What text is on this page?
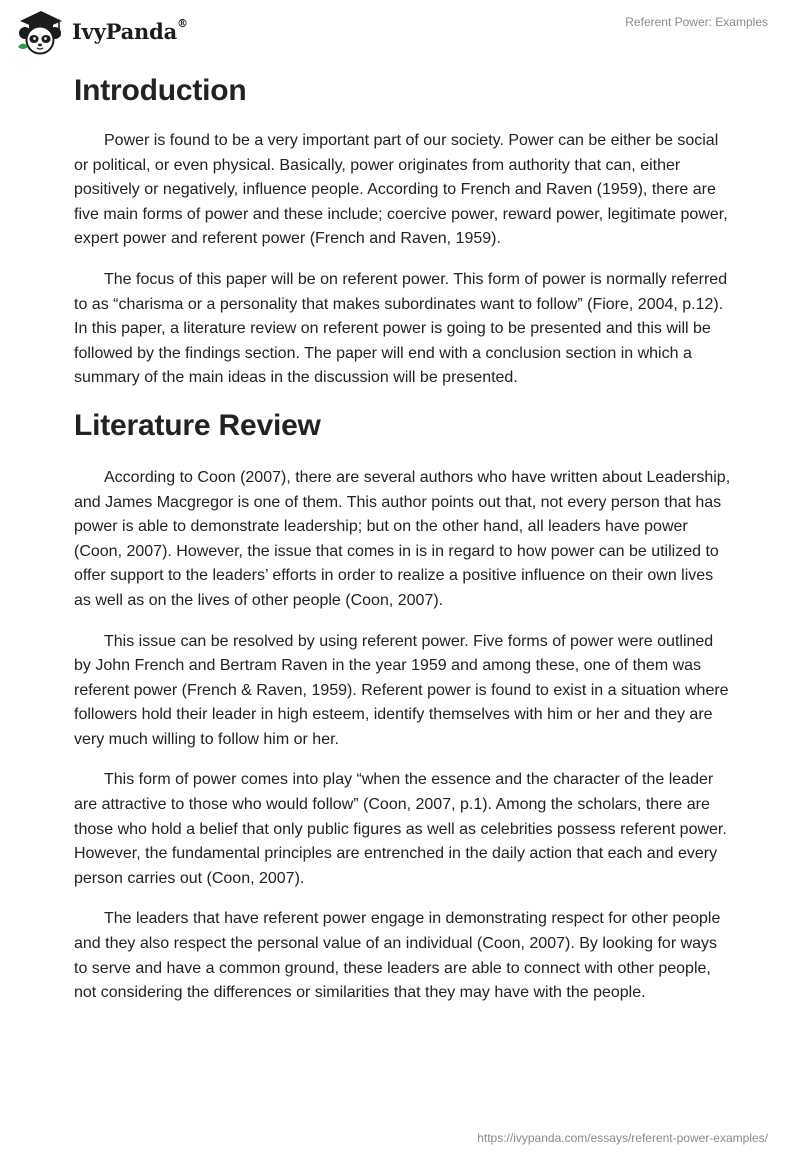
IvyPanda®	Referent Power: Examples
Introduction

Power is found to be a very important part of our society. Power can be either be social or political, or even physical. Basically, power originates from authority that can, either positively or negatively, influence people. According to French and Raven (1959), there are five main forms of power and these include; coercive power, reward power, legitimate power, expert power and referent power (French and Raven, 1959).

The focus of this paper will be on referent power. This form of power is normally referred to as “charisma or a personality that makes subordinates want to follow” (Fiore, 2004, p.12). In this paper, a literature review on referent power is going to be presented and this will be followed by the findings section. The paper will end with a conclusion section in which a summary of the main ideas in the discussion will be presented.

Literature Review

According to Coon (2007), there are several authors who have written about Leadership, and James Macgregor is one of them. This author points out that, not every person that has power is able to demonstrate leadership; but on the other hand, all leaders have power (Coon, 2007). However, the issue that comes in is in regard to how power can be utilized to offer support to the leaders’ efforts in order to realize a positive influence on their own lives as well as on the lives of other people (Coon, 2007).

This issue can be resolved by using referent power. Five forms of power were outlined by John French and Bertram Raven in the year 1959 and among these, one of them was referent power (French & Raven, 1959). Referent power is found to exist in a situation where followers hold their leader in high esteem, identify themselves with him or her and they are very much willing to follow him or her.

This form of power comes into play “when the essence and the character of the leader are attractive to those who would follow” (Coon, 2007, p.1). Among the scholars, there are those who hold a belief that only public figures as well as celebrities possess referent power. However, the fundamental principles are entrenched in the daily action that each and every person carries out (Coon, 2007).

The leaders that have referent power engage in demonstrating respect for other people and they also respect the personal value of an individual (Coon, 2007). By looking for ways to serve and have a common ground, these leaders are able to connect with other people, not considering the differences or similarities that they may have with the people.

https://ivypanda.com/essays/referent-power-examples/
